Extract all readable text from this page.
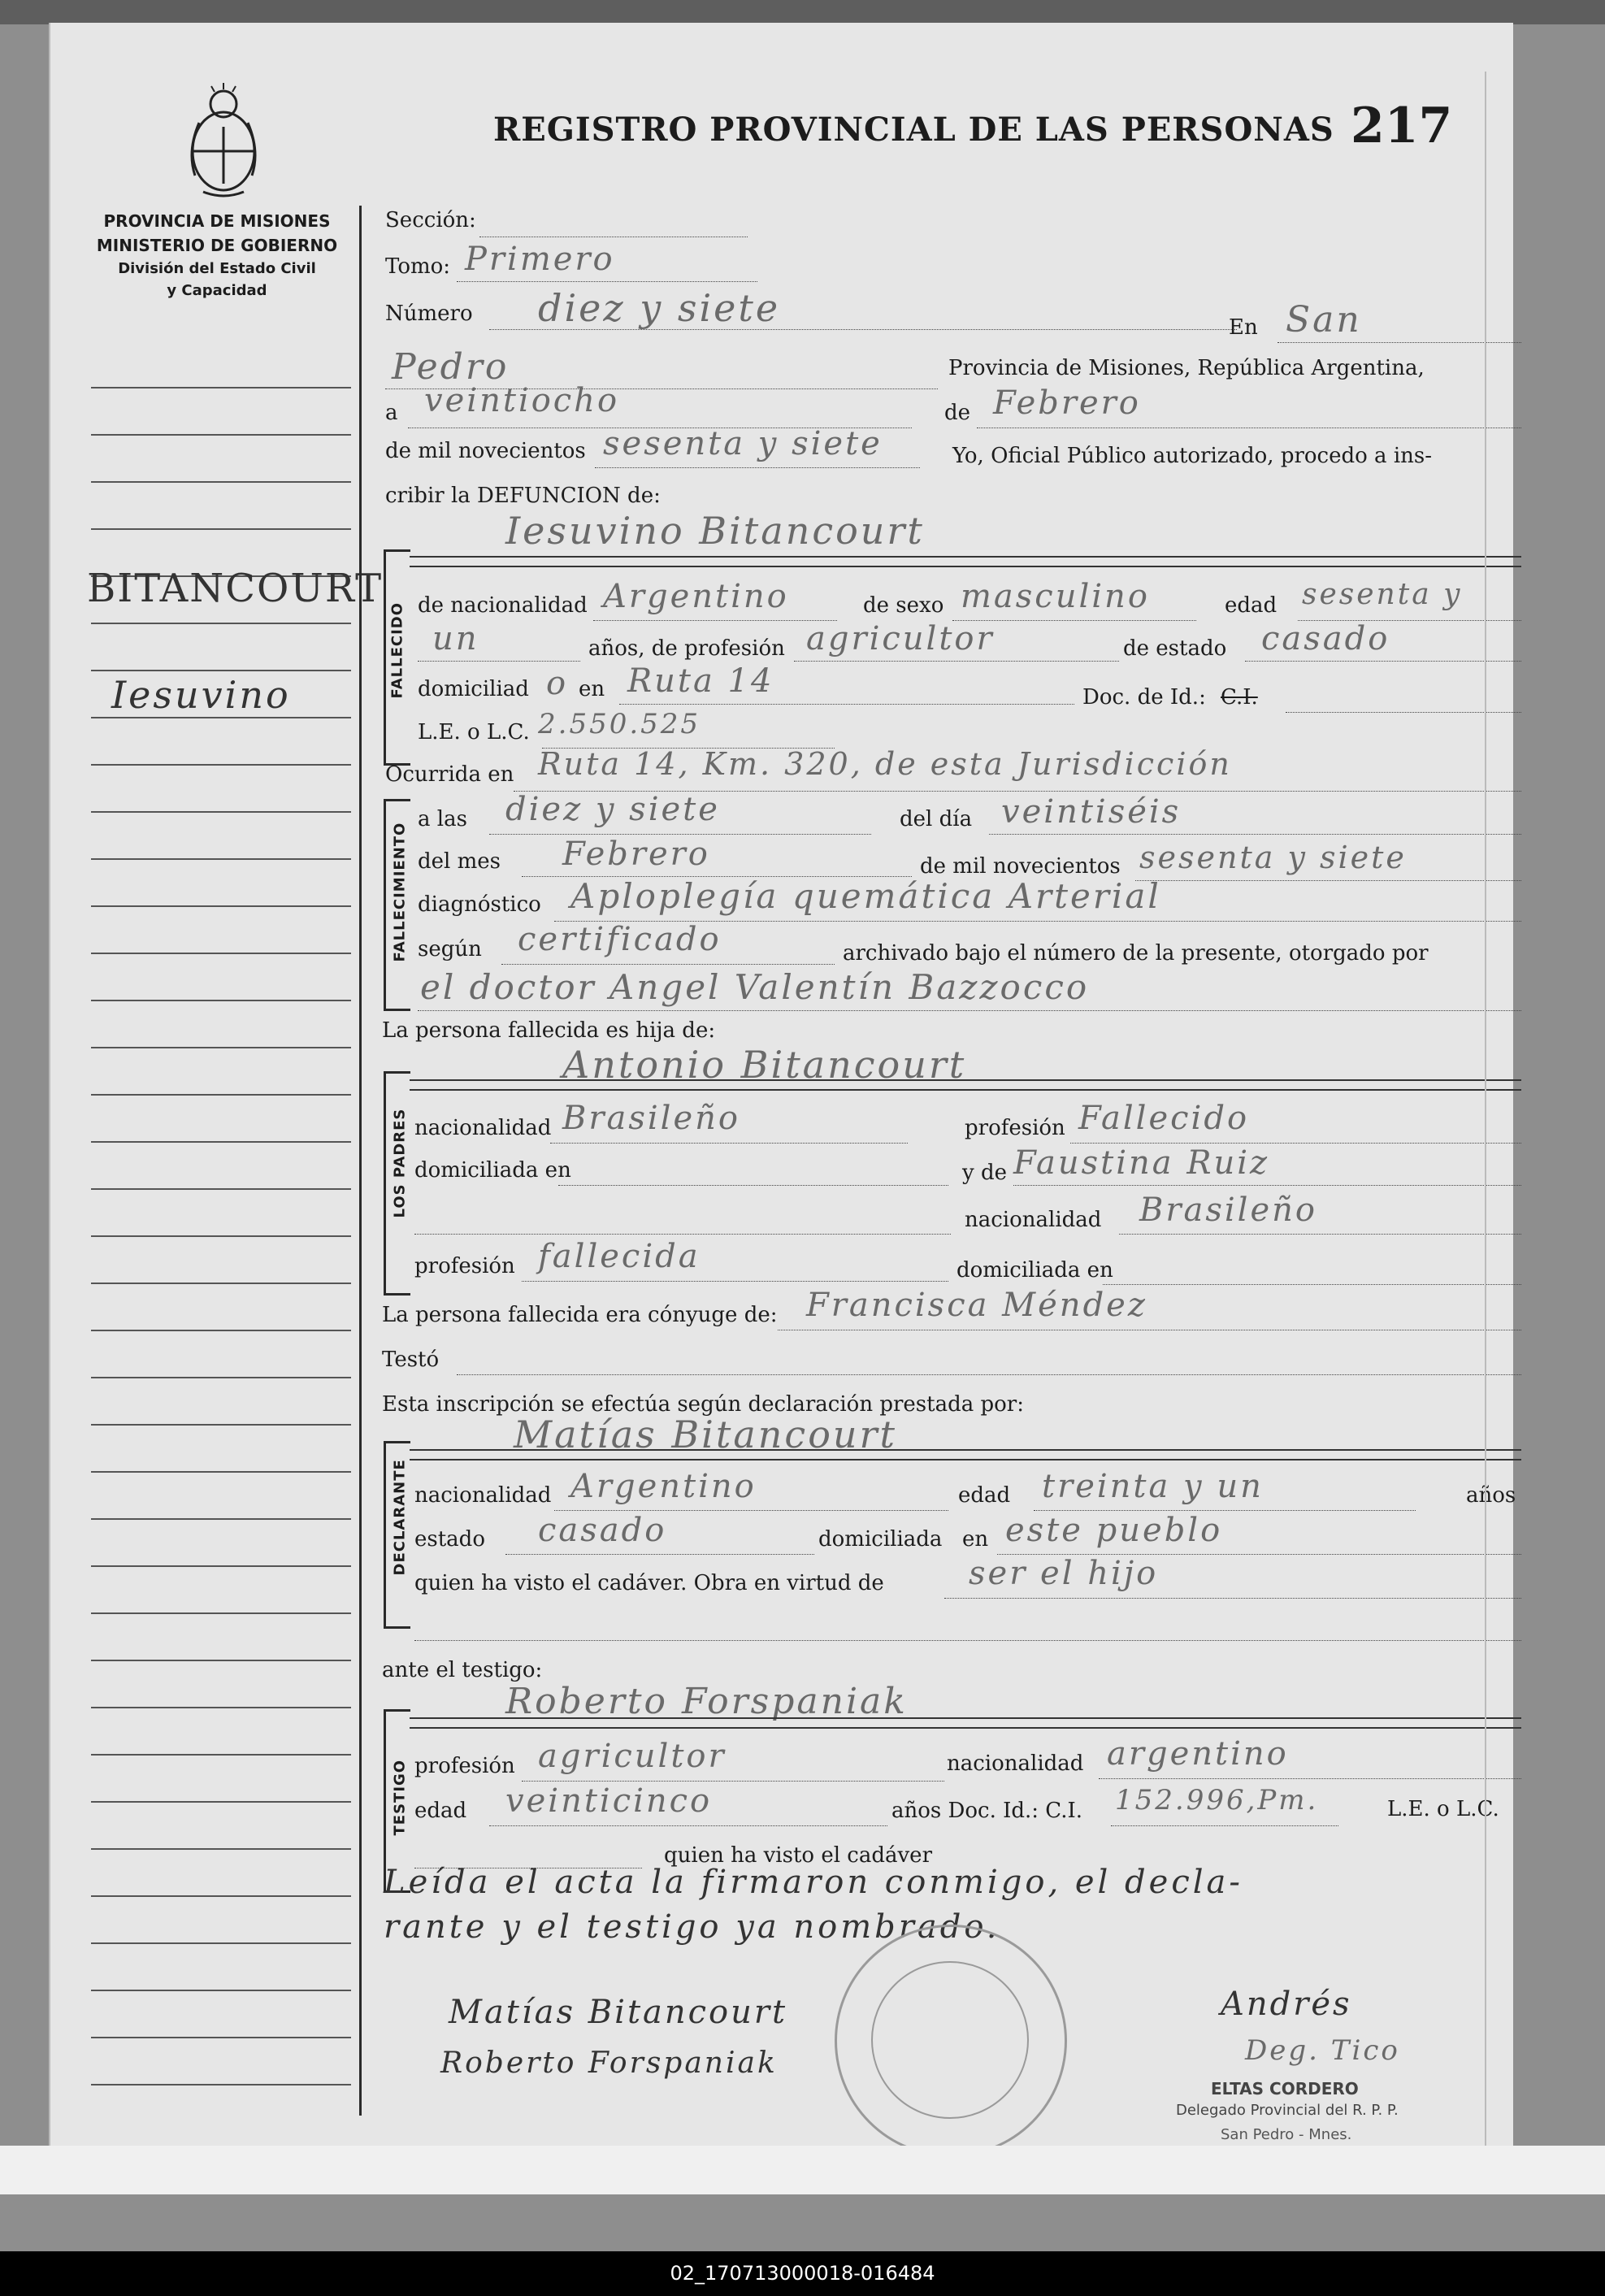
PROVINCIA DE MISIONES
MINISTERIO DE GOBIERNO
División del Estado Civil
y Capacidad
REGISTRO PROVINCIAL DE LAS PERSONAS 217
BITANCOURT
Iesuvino
Sección:
Tomo: Primero
Número diez y siete	En San
Pedro	Provincia de Misiones, República Argentina,
a veintiocho	de Febrero
de mil novecientos sesenta y siete	Yo, Oficial Público autorizado, procedo a ins-
cribir la DEFUNCION de:
FALLECIDO
Iesuvino Bitancourt
de nacionalidad Argentino	de sexo masculino	edad sesenta y
un	años, de profesión agricultor	de estado casado
domiciliad o en Ruta 14	Doc. de Id.: C.I.
L.E. o L.C. 2.550.525
Ocurrida en Ruta 14, Km. 320, de esta Jurisdicción
FALLECIMIENTO
a las diez y siete	del día veintiséis
del mes Febrero	de mil novecientos sesenta y siete
diagnóstico Aploplegía quemática Arterial
según certificado	archivado bajo el número de la presente, otorgado por
el doctor Angel Valentín Bazzocco
La persona fallecida es hija de:
LOS PADRES
Antonio Bitancourt
nacionalidad Brasileño	profesión Fallecido
domiciliada en	y de Faustina Ruiz
nacionalidad Brasileño
profesión fallecida	domiciliada en
La persona fallecida era cónyuge de: Francisca Méndez
Testó
Esta inscripción se efectúa según declaración prestada por:
DECLARANTE
Matías Bitancourt
nacionalidad Argentino	edad treinta y un	años
estado casado	domiciliada en este pueblo
quien ha visto el cadáver. Obra en virtud de	ser el hijo
ante el testigo:
TESTIGO
Roberto Forspaniak
profesión agricultor	nacionalidad argentino
edad veinticinco	años Doc. Id.: C.I. 152.996,Pm.	L.E. o L.C.
quien ha visto el cadáver
Leída el acta la firmaron conmigo, el decla-
rante y el testigo ya nombrado.
Matías Bitancourt
Roberto Forspaniak
Andrés
Deg. Tico
ELTAS CORDERO
Delegado Provincial del R. P. P.
San Pedro - Mnes.
02_170713000018-016484
